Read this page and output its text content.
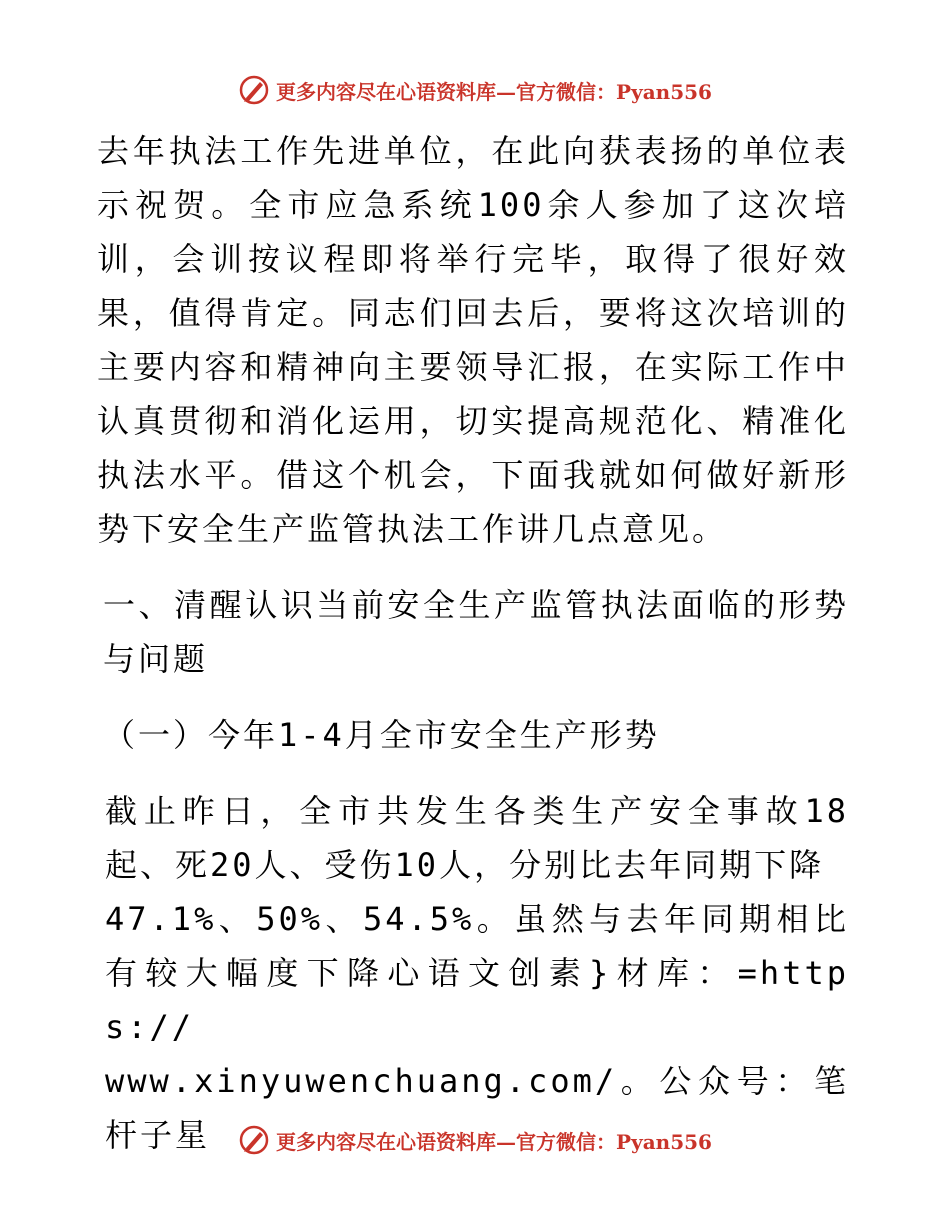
更多内容尽在心语资料库—官方微信：Pyan556

去年执法工作先进单位，在此向获表扬的单位表示祝贺。全市应急系统100余人参加了这次培训，会训按议程即将举行完毕，取得了很好效果，值得肯定。同志们回去后，要将这次培训的主要内容和精神向主要领导汇报，在实际工作中认真贯彻和消化运用，切实提高规范化、精准化执法水平。借这个机会，下面我就如何做好新形势下安全生产监管执法工作讲几点意见。

一、清醒认识当前安全生产监管执法面临的形势与问题

（一）今年1-4月全市安全生产形势

截止昨日，全市共发生各类生产安全事故18起、死20人、受伤10人，分别比去年同期下降
47.1%、50%、54.5%。虽然与去年同期相比有较大幅度下降心语文创素}材库：=https://
www.xinyuwenchuang.com/。公众号：笔杆子星	更多内容尽在心语资料库—官方微信：Pyan556
